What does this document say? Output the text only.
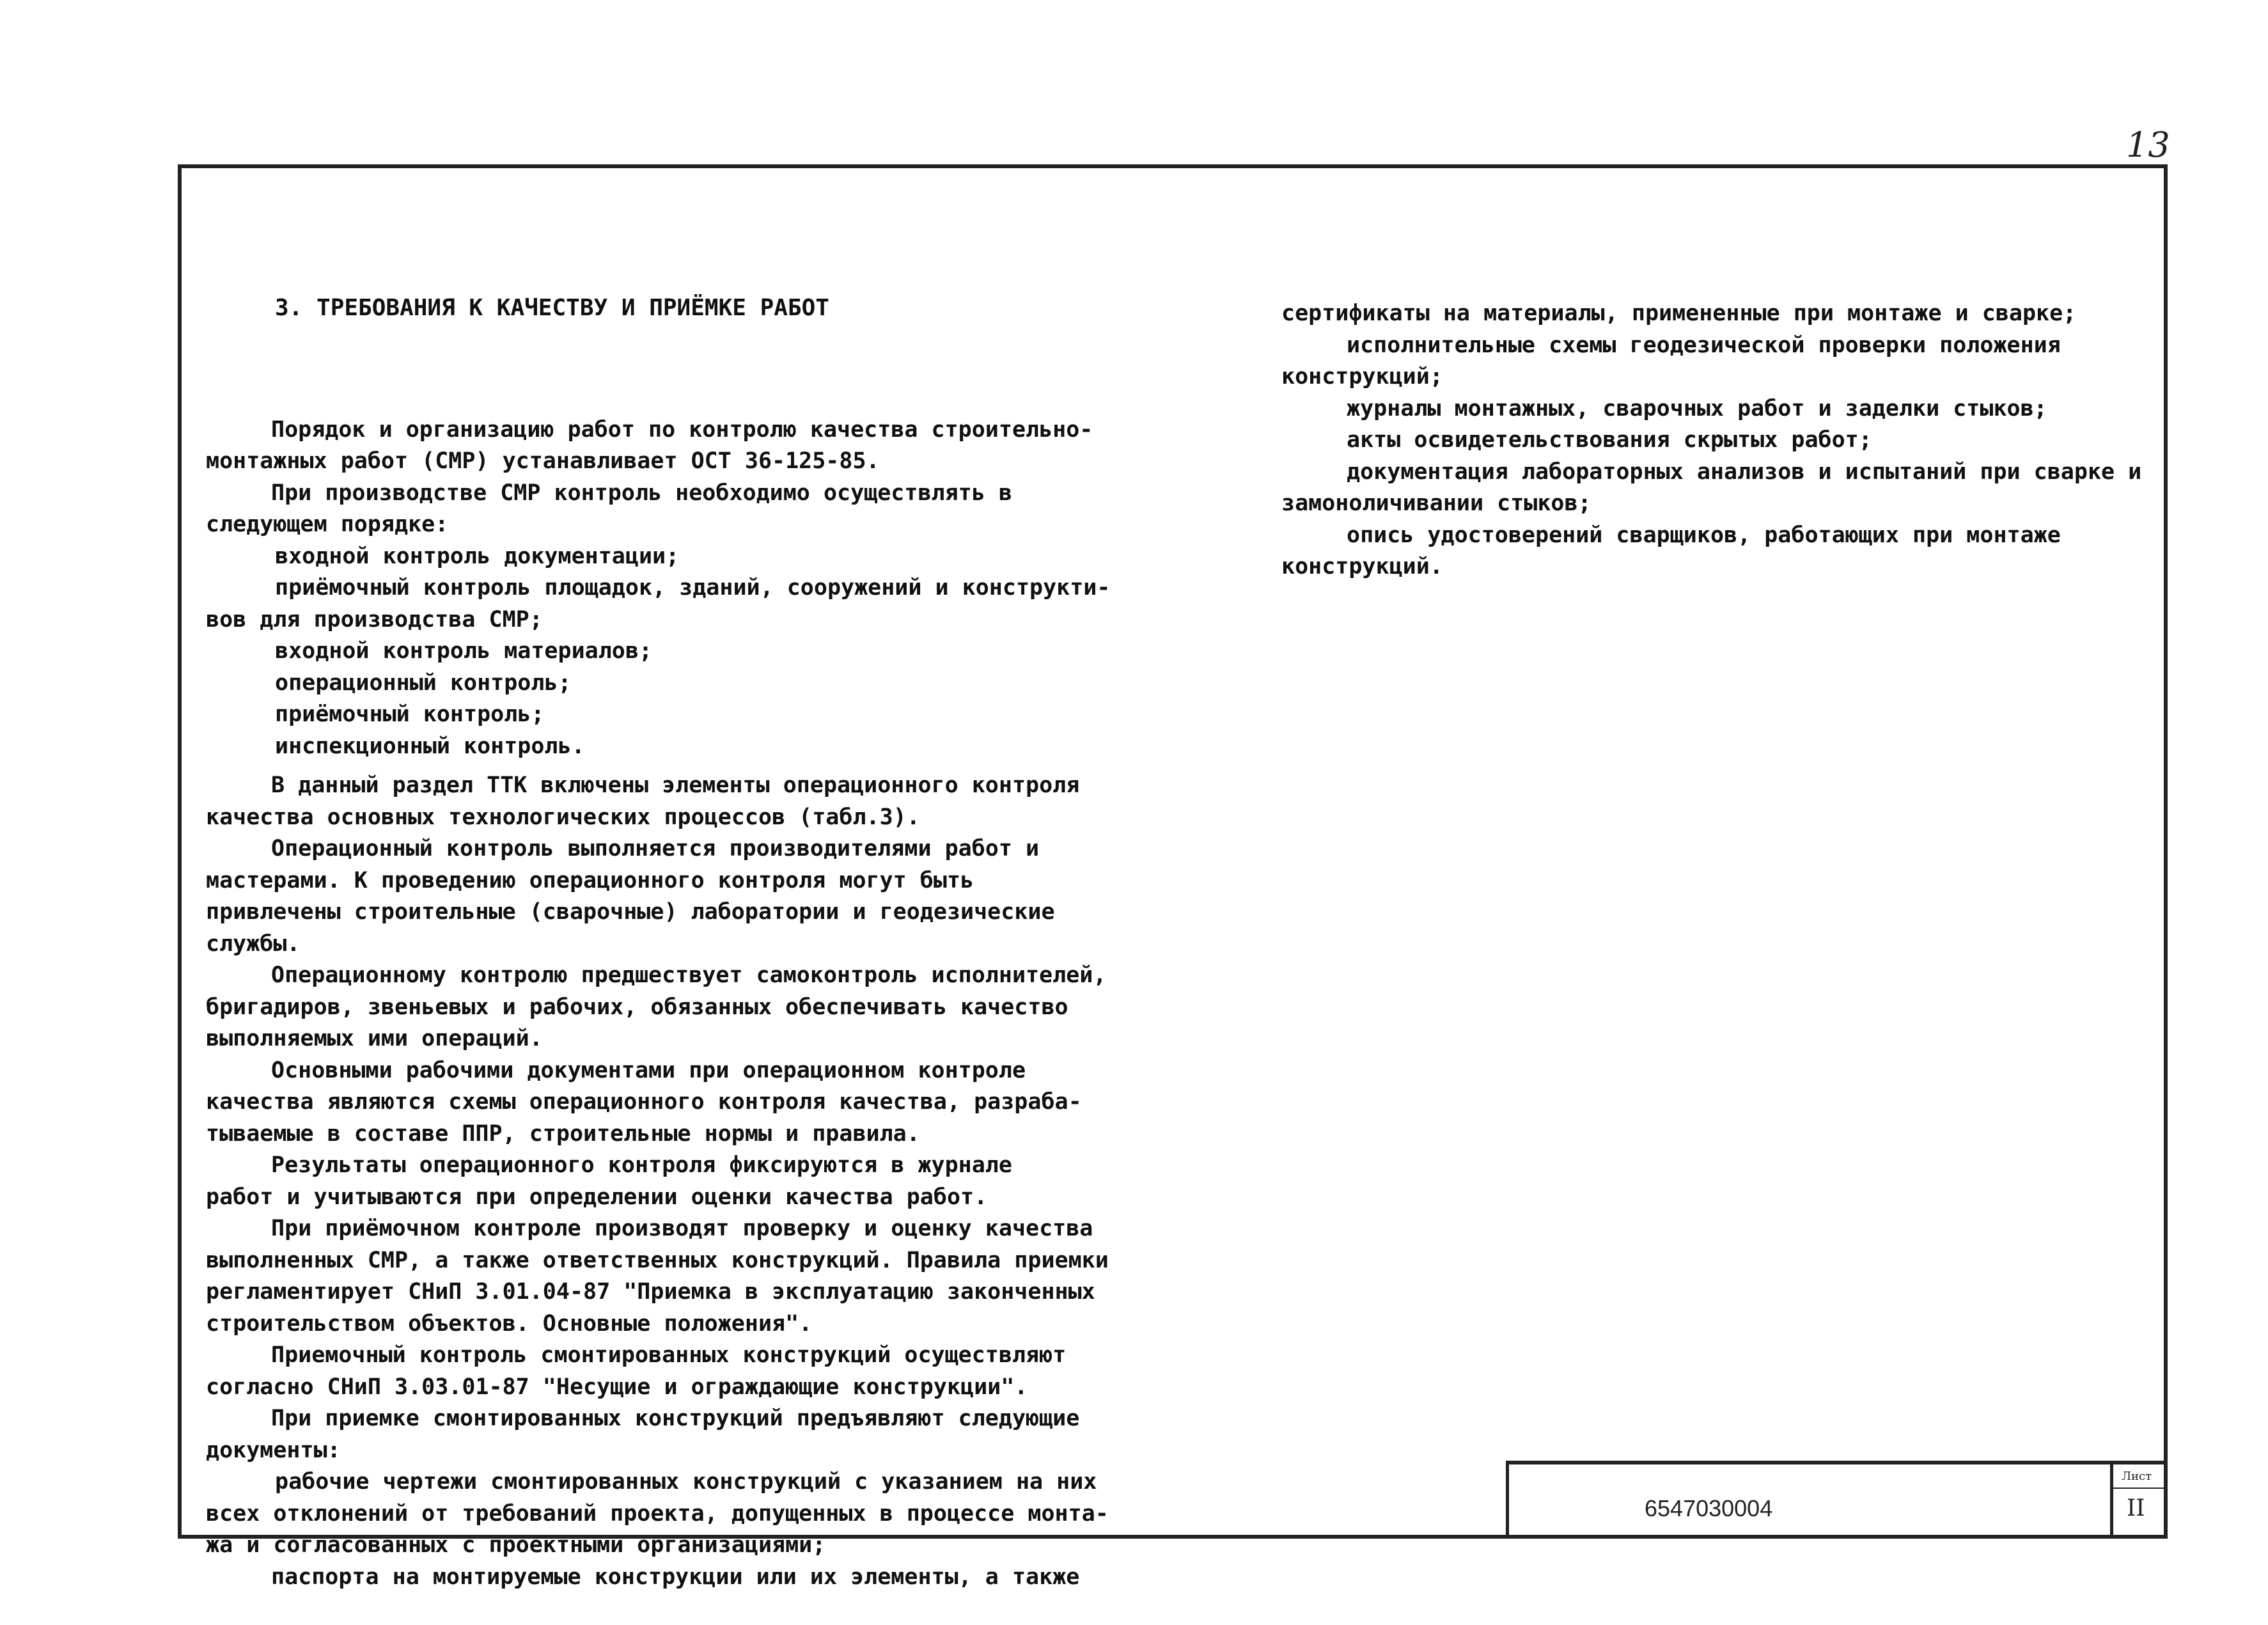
13

3. ТРЕБОВАНИЯ К КАЧЕСТВУ И ПРИЁМКЕ РАБОТ

Порядок и организацию работ по контролю качества строительно-
монтажных работ (СМР) устанавливает ОСТ 36-125-85.
При производстве СМР контроль необходимо осуществлять в
следующем порядке:
входной контроль документации;
приёмочный контроль площадок, зданий, сооружений и конструкти-
вов для производства СМР;
входной контроль материалов;
операционный контроль;
приёмочный контроль;
инспекционный контроль.
В данный раздел ТТК включены элементы операционного контроля
качества основных технологических процессов (табл.3).
Операционный контроль выполняется производителями работ и
мастерами. К проведению операционного контроля могут быть
привлечены строительные (сварочные) лаборатории и геодезические
службы.
Операционному контролю предшествует самоконтроль исполнителей,
бригадиров, звеньевых и рабочих, обязанных обеспечивать качество
выполняемых ими операций.
Основными рабочими документами при операционном контроле
качества являются схемы операционного контроля качества, разраба-
тываемые в составе ППР, строительные нормы и правила.
Результаты операционного контроля фиксируются в журнале
работ и учитываются при определении оценки качества работ.
При приёмочном контроле производят проверку и оценку качества
выполненных СМР, а также ответственных конструкций. Правила приемки
регламентирует СНиП 3.01.04-87 "Приемка в эксплуатацию законченных
строительством объектов. Основные положения".
Приемочный контроль смонтированных конструкций осуществляют
согласно СНиП 3.03.01-87 "Несущие и ограждающие конструкции".
При приемке смонтированных конструкций предъявляют следующие
документы:
рабочие чертежи смонтированных конструкций с указанием на них
всех отклонений от требований проекта, допущенных в процессе монта-
жа и согласованных с проектными организациями;
паспорта на монтируемые конструкции или их элементы, а также

сертификаты на материалы, примененные при монтаже и сварке;
исполнительные схемы геодезической проверки положения
конструкций;
журналы монтажных, сварочных работ и заделки стыков;
акты освидетельствования скрытых работ;
документация лабораторных анализов и испытаний при сварке и
замоноличивании стыков;
опись удостоверений сварщиков, работающих при монтаже
конструкций.

6547030004
Лист
II
